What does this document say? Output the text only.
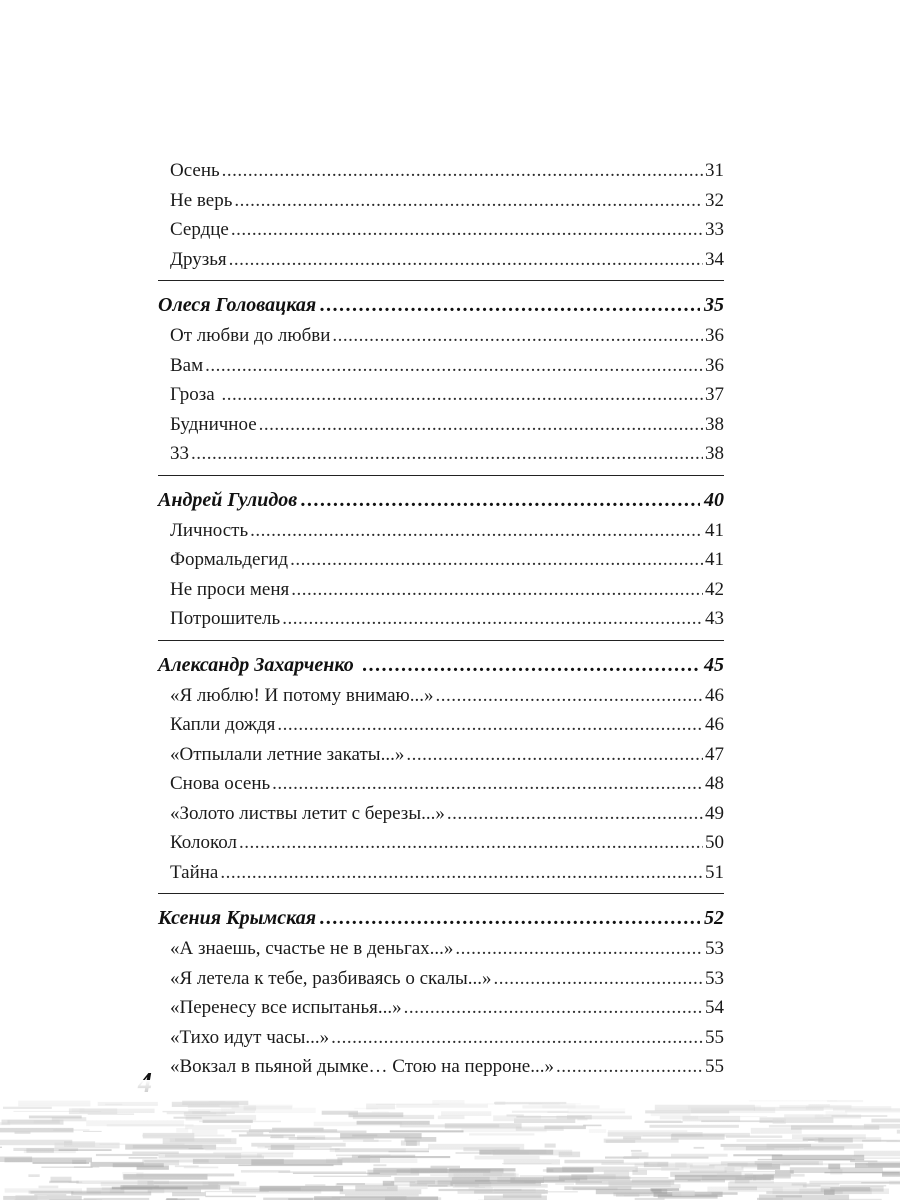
Осень .....	31
Не верь .....	32
Сердце .....	33
Друзья .....	34
Олеся Головацкая .....	35
От любви до любви .....	36
Вам .....	36
Гроза .....	37
Будничное .....	38
33 .....	38
Андрей Гулидов .....	40
Личность .....	41
Формальдегид .....	41
Не проси меня .....	42
Потрошитель .....	43
Александр Захарченко .....	45
«Я люблю! И потому внимаю...» .....	46
Капли дождя .....	46
«Отпылали летние закаты...» .....	47
Снова осень .....	48
«Золото листвы летит с березы...» .....	49
Колокол .....	50
Тайна .....	51
Ксения Крымская .....	52
«А знаешь, счастье не в деньгах...» .....	53
«Я летела к тебе, разбиваясь о скалы...» .....	53
«Перенесу все испытанья...» .....	54
«Тихо идут часы...» .....	55
«Вокзал в пьяной дымке… Стою на перроне...» .....	55
